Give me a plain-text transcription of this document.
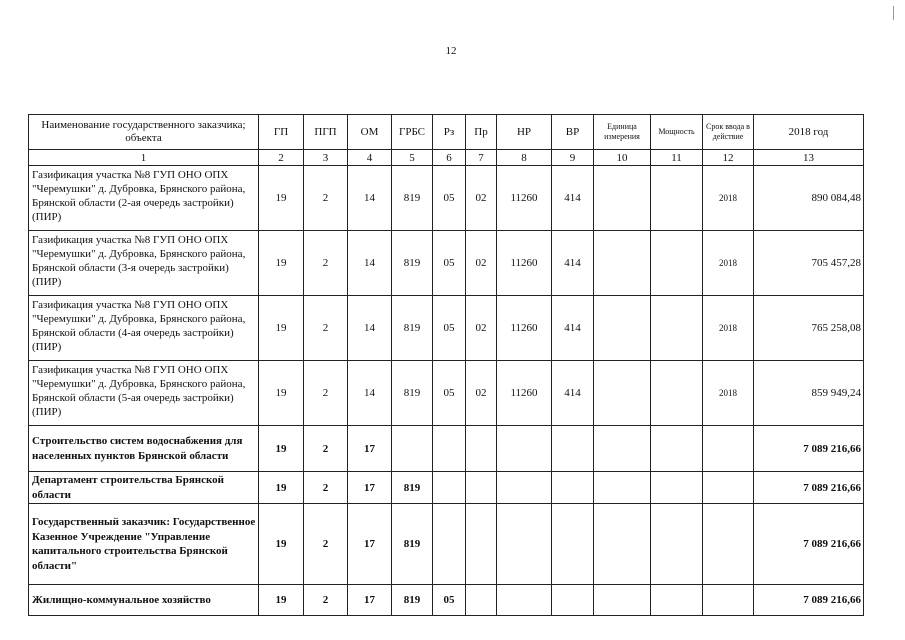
12
Наименование государственного заказчика; объекта	ГП	ПГП	ОМ	ГРБС	Рз	Пр	НР	ВР	Единица измерения	Мощность	Срок ввода в действие	2018 год
1	2	3	4	5	6	7	8	9	10	11	12	13
Газификация участка №8 ГУП ОНО ОПХ "Черемушки" д. Дубровка, Брянского района, Брянской области (2-ая очередь застройки) (ПИР)	19	2	14	819	05	02	11260	414			2018	890 084,48
Газификация участка №8 ГУП ОНО ОПХ "Черемушки" д. Дубровка, Брянского района, Брянской области (3-я очередь застройки) (ПИР)	19	2	14	819	05	02	11260	414			2018	705 457,28
Газификация участка №8 ГУП ОНО ОПХ "Черемушки" д. Дубровка, Брянского района, Брянской области (4-ая очередь застройки) (ПИР)	19	2	14	819	05	02	11260	414			2018	765 258,08
Газификация участка №8 ГУП ОНО ОПХ "Черемушки" д. Дубровка, Брянского района, Брянской области (5-ая очередь застройки) (ПИР)	19	2	14	819	05	02	11260	414			2018	859 949,24
Строительство систем водоснабжения для населенных пунктов Брянской области	19	2	17									7 089 216,66
Департамент строительства Брянской области	19	2	17	819								7 089 216,66
Государственный заказчик: Государственное Казенное Учреждение "Управление капитального строительства Брянской области"	19	2	17	819								7 089 216,66
Жилищно-коммунальное хозяйство	19	2	17	819	05							7 089 216,66
